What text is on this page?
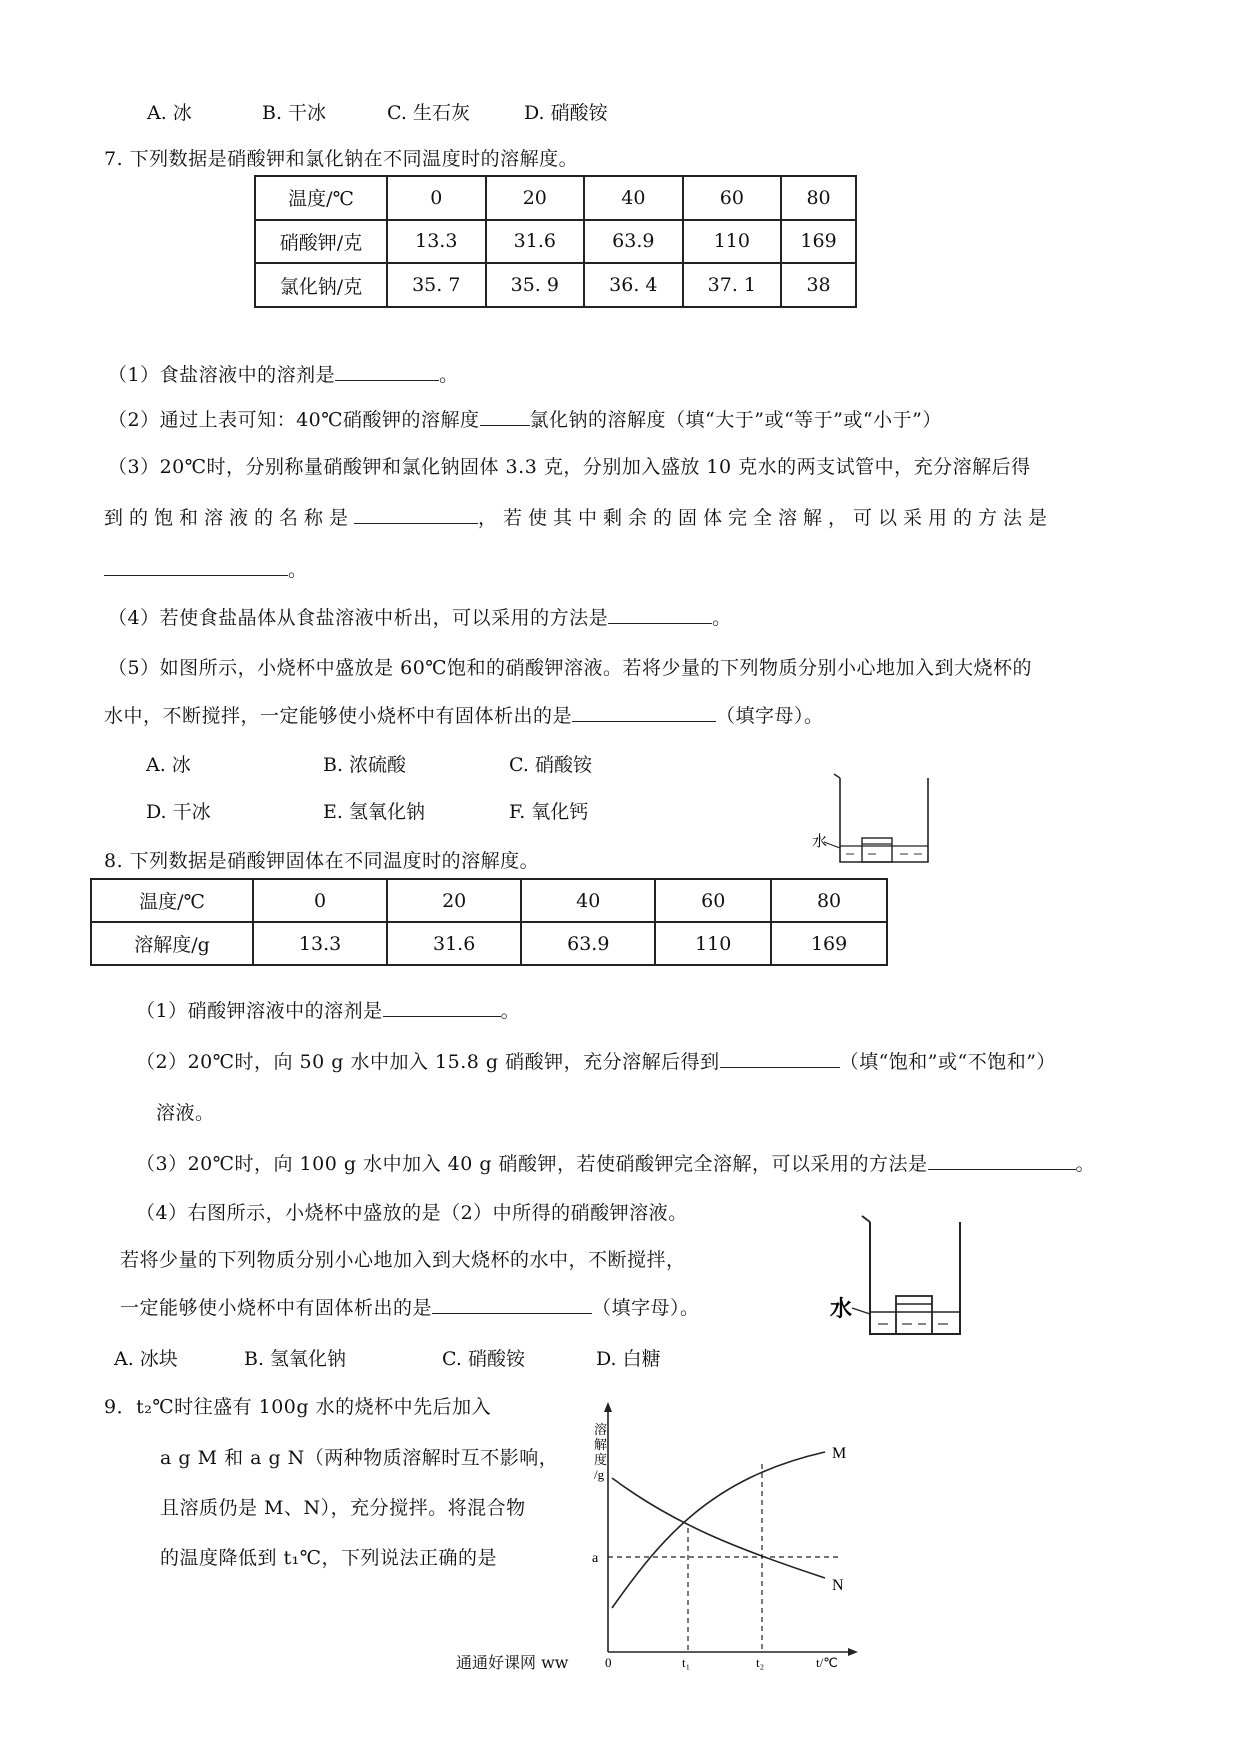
A. 冰	B. 干冰	C. 生石灰	D. 硝酸铵
7. 下列数据是硝酸钾和氯化钠在不同温度时的溶解度。
温度/℃	0	20	40	60	80
硝酸钾/克	13.3	31.6	63.9	110	169
氯化钠/克	35. 7	35. 9	36. 4	37. 1	38
（1）食盐溶液中的溶剂是	。
（2）通过上表可知：40℃硝酸钾的溶解度	氯化钠的溶解度（填“大于”或“等于”或“小于”）
（3）20℃时，分别称量硝酸钾和氯化钠固体 3.3 克，分别加入盛放 10 克水的两支试管中，充分溶解后得
到的饱和溶液的名称是	，若使其中剩余的固体完全溶解，可以采用的方法是
。
（4）若使食盐晶体从食盐溶液中析出，可以采用的方法是	。
（5）如图所示，小烧杯中盛放是 60℃饱和的硝酸钾溶液。若将少量的下列物质分别小心地加入到大烧杯的
水中，不断搅拌，一定能够使小烧杯中有固体析出的是	（填字母）。
A. 冰	B. 浓硫酸	C. 硝酸铵
D. 干冰	E. 氢氧化钠	F. 氧化钙
水
8. 下列数据是硝酸钾固体在不同温度时的溶解度。
温度/℃	0	20	40	60	80
溶解度/g	13.3	31.6	63.9	110	169
（1）硝酸钾溶液中的溶剂是	。
（2）20℃时，向 50 g 水中加入 15.8 g 硝酸钾，充分溶解后得到	（填“饱和”或“不饱和”）
溶液。
（3）20℃时，向 100 g 水中加入 40 g 硝酸钾，若使硝酸钾完全溶解，可以采用的方法是	。
（4）右图所示，小烧杯中盛放的是（2）中所得的硝酸钾溶液。
若将少量的下列物质分别小心地加入到大烧杯的水中，不断搅拌，
一定能够使小烧杯中有固体析出的是	（填字母）。
A. 冰块	B. 氢氧化钠	C. 硝酸铵	D. 白糖
水
9．t₂℃时往盛有 100g 水的烧杯中先后加入
a g M 和 a g N（两种物质溶解时互不影响，
且溶质仍是 M、N），充分搅拌。将混合物
的温度降低到 t₁℃，下列说法正确的是
溶解度/g
M
N
a
0	t₁	t₂	t/℃
通通好课网 ww
